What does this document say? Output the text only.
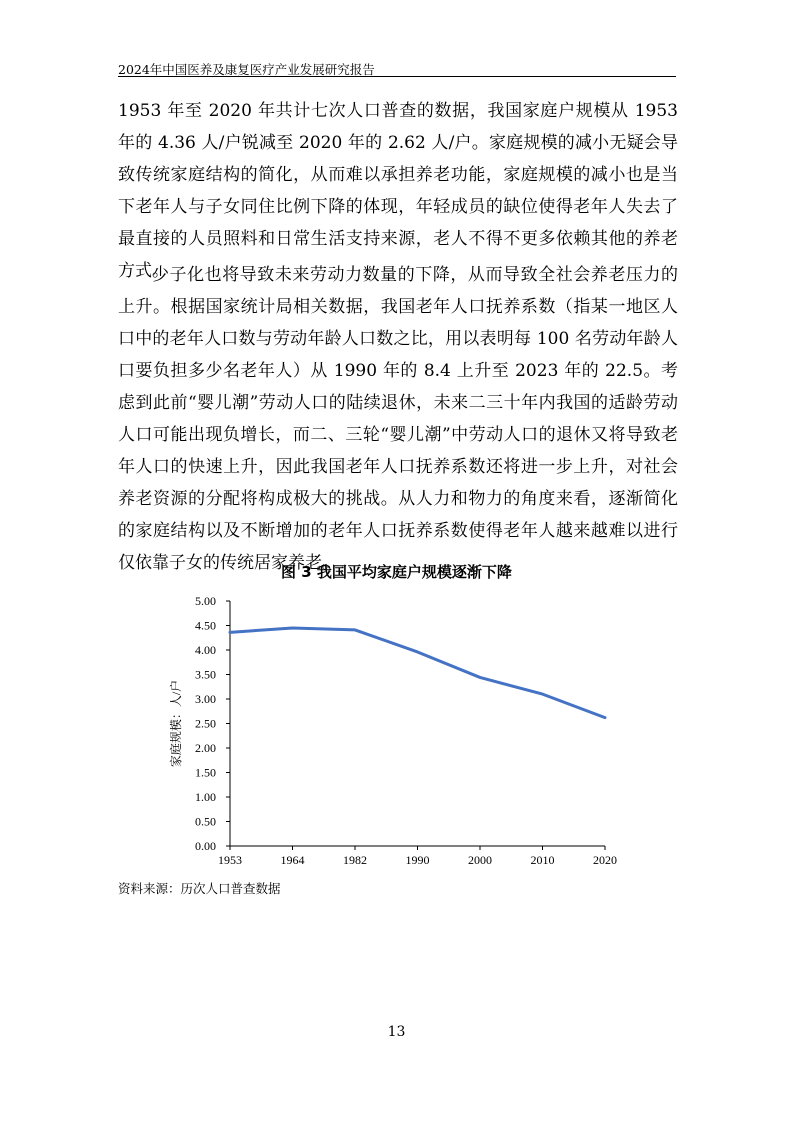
2024年中国医养及康复医疗产业发展研究报告

1953 年至 2020 年共计七次人口普查的数据，我国家庭户规模从 1953 年的 4.36 人/户锐减至 2020 年的 2.62 人/户。家庭规模的减小无疑会导致传统家庭结构的简化，从而难以承担养老功能，家庭规模的减小也是当下老年人与子女同住比例下降的体现，年轻成员的缺位使得老年人失去了最直接的人员照料和日常生活支持来源，老人不得不更多依赖其他的养老方式。

少子化也将导致未来劳动力数量的下降，从而导致全社会养老压力的上升。根据国家统计局相关数据，我国老年人口抚养系数（指某一地区人口中的老年人口数与劳动年龄人口数之比，用以表明每 100 名劳动年龄人口要负担多少名老年人）从 1990 年的 8.4 上升至 2023 年的 22.5。考虑到此前“婴儿潮”劳动人口的陆续退休，未来二三十年内我国的适龄劳动人口可能出现负增长，而二、三轮“婴儿潮”中劳动人口的退休又将导致老年人口的快速上升，因此我国老年人口抚养系数还将进一步上升，对社会养老资源的分配将构成极大的挑战。从人力和物力的角度来看，逐渐简化的家庭结构以及不断增加的老年人口抚养系数使得老年人越来越难以进行仅依靠子女的传统居家养老。

图 3 我国平均家庭户规模逐渐下降
0.00
0.50
1.00
1.50
2.00
2.50
3.00
3.50
4.00
4.50
5.00
1953	1964	1982	1990	2000	2010	2020
家庭规模：人/户
资料来源：历次人口普查数据
13
